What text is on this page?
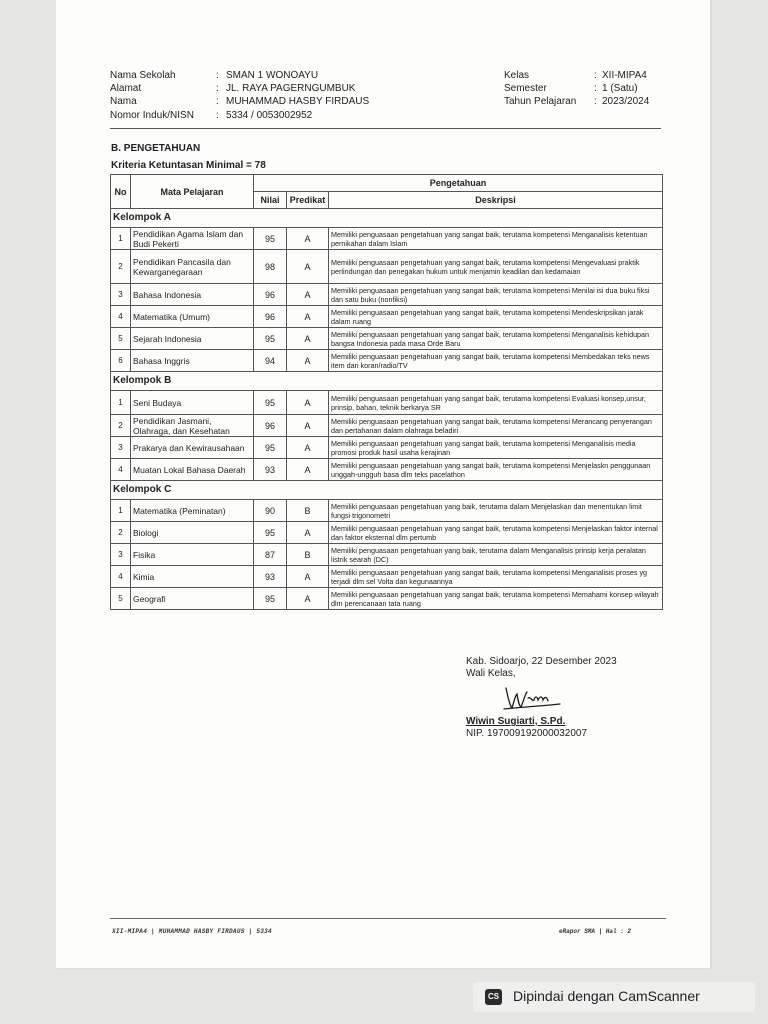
Nama Sekolah	: SMAN 1 WONOAYU	Kelas	: XII-MIPA4
Alamat	: JL. RAYA PAGERNGUMBUK	Semester	: 1 (Satu)
Nama	: MUHAMMAD HASBY FIRDAUS	Tahun Pelajaran : 2023/2024
Nomor Induk/NISN : 5334 / 0053002952
B. PENGETAHUAN
Kriteria Ketuntasan Minimal = 78
No	Mata Pelajaran	Pengetahuan		
		Nilai	Predikat	Deskripsi
Kelompok A				
1	Pendidikan Agama Islam dan Budi Pekerti	95	A	Memiliki penguasaan pengetahuan yang sangat baik, terutama kompetensi Menganalisis ketentuan pernikahan dalam Islam
2	Pendidikan Pancasila dan Kewarganegaraan	98	A	Memiliki penguasaan pengetahuan yang sangat baik, terutama kompetensi Mengevaluasi praktik perlindungan dan penegakan hukum untuk menjamin keadilan dan kedamaian
3	Bahasa Indonesia	96	A	Memiliki penguasaan pengetahuan yang sangat baik, terutama kompetensi Menilai isi dua buku fiksi dan satu buku (nonfiksi)
4	Matematika (Umum)	96	A	Memiliki penguasaan pengetahuan yang sangat baik, terutama kompetensi Mendeskripsikan jarak dalam ruang
5	Sejarah Indonesia	95	A	Memiliki penguasaan pengetahuan yang sangat baik, terutama kompetensi Menganalisis kehidupan bangsa Indonesia pada masa Orde Baru
6	Bahasa Inggris	94	A	Memiliki penguasaan pengetahuan yang sangat baik, terutama kompetensi Membedakan teks news item dari koran/radio/TV
Kelompok B				
1	Seni Budaya	95	A	Memiliki penguasaan pengetahuan yang sangat baik, terutama kompetensi Evaluasi konsep,unsur, prinsip, bahan, teknik berkarya SR
2	Pendidikan Jasmani, Olahraga, dan Kesehatan	96	A	Memiliki penguasaan pengetahuan yang sangat baik, terutama kompetensi Merancang penyerangan dan pertahanan dalam olahraga beladiri
3	Prakarya dan Kewirausahaan	95	A	Memiliki penguasaan pengetahuan yang sangat baik, terutama kompetensi Menganalisis media promosi produk hasil usaha kerajinan
4	Muatan Lokal Bahasa Daerah	93	A	Memiliki penguasaan pengetahuan yang sangat baik, terutama kompetensi Menjelaskn penggunaan unggah-ungguh basa dlm teks pacelathon
Kelompok C				
1	Matematika (Peminatan)	90	B	Memiliki penguasaan pengetahuan yang baik, terutama dalam Menjelaskan dan menentukan limit fungsi trigonometri
2	Biologi	95	A	Memiliki penguasaan pengetahuan yang sangat baik, terutama kompetensi Menjelaskan faktor internal dan faktor eksternal dlm pertumb
3	Fisika	87	B	Memiliki penguasaan pengetahuan yang baik, terutama dalam Menganalisis prinsip kerja peralatan listrik searah (DC)
4	Kimia	93	A	Memiliki penguasaan pengetahuan yang sangat baik, terutama kompetensi Menganalisis proses yg terjadi dlm sel Volta dan kegunaannya
5	Geografi	95	A	Memiliki penguasaan pengetahuan yang sangat baik, terutama kompetensi Memahami konsep wilayah dlm perencanaan tata ruang
Kab. Sidoarjo, 22 Desember 2023
Wali Kelas,
Wiwin Sugiarti, S.Pd.
NIP. 197009192000032007
XII-MIPA4 | MUHAMMAD HASBY FIRDAUS | 5334	eRapor SMA | Hal : 2
CS Dipindai dengan CamScanner
